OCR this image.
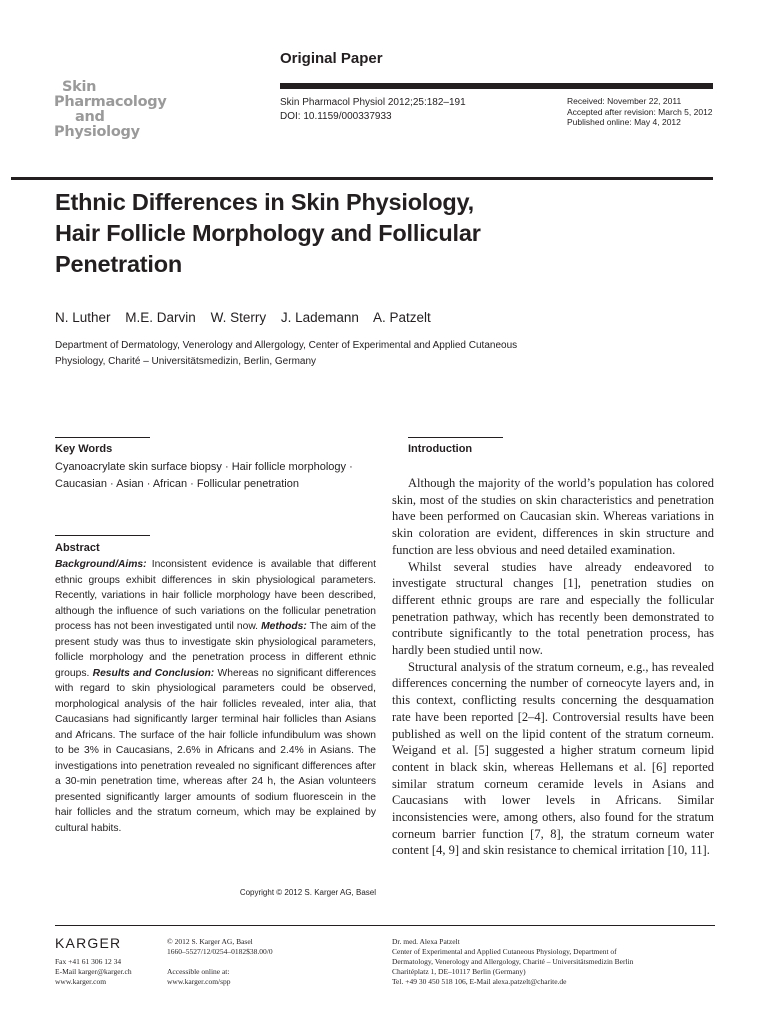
Skin
Pharmacology
and
Physiology
Original Paper
Skin Pharmacol Physiol 2012;25:182–191
DOI: 10.1159/000337933
Received: November 22, 2011
Accepted after revision: March 5, 2012
Published online: May 4, 2012
Ethnic Differences in Skin Physiology,
Hair Follicle Morphology and Follicular
Penetration
N. Luther M.E. Darvin W. Sterry J. Lademann A. Patzelt
Department of Dermatology, Venerology and Allergology, Center of Experimental and Applied Cutaneous
Physiology, Charité – Universitätsmedizin, Berlin, Germany
Key Words
Cyanoacrylate skin surface biopsy · Hair follicle morphology · Caucasian · Asian · African · Follicular penetration
Abstract
Background/Aims: Inconsistent evidence is available that different ethnic groups exhibit differences in skin physiological parameters. Recently, variations in hair follicle morphology have been described, although the influence of such variations on the follicular penetration process has not been investigated until now. Methods: The aim of the present study was thus to investigate skin physiological parameters, follicle morphology and the penetration process in different ethnic groups. Results and Conclusion: Whereas no significant differences with regard to skin physiological parameters could be observed, morphological analysis of the hair follicles revealed, inter alia, that Caucasians had significantly larger terminal hair follicles than Asians and Africans. The surface of the hair follicle infundibulum was shown to be 3% in Caucasians, 2.6% in Africans and 2.4% in Asians. The investigations into penetration revealed no significant differences after a 30-min penetration time, whereas after 24 h, the Asian volunteers presented significantly larger amounts of sodium fluorescein in the hair follicles and the stratum corneum, which may be explained by cultural habits.
Copyright © 2012 S. Karger AG, Basel
Introduction

Although the majority of the world’s population has colored skin, most of the studies on skin characteristics and penetration have been performed on Caucasian skin. Whereas variations in skin coloration are evident, differences in skin structure and function are less obvious and need detailed examination.

Whilst several studies have already endeavored to investigate structural changes [1], penetration studies on different ethnic groups are rare and especially the follicular penetration pathway, which has recently been demonstrated to contribute significantly to the total penetration process, has hardly been studied until now.

Structural analysis of the stratum corneum, e.g., has revealed differences concerning the number of corneocyte layers and, in this context, conflicting results concerning the desquamation rate have been reported [2–4]. Controversial results have been published as well on the lipid content of the stratum corneum. Weigand et al. [5] suggested a higher stratum corneum lipid content in black skin, whereas Hellemans et al. [6] reported similar stratum corneum ceramide levels in Asians and Caucasians with lower levels in Africans. Similar inconsistencies were, among others, also found for the stratum corneum barrier function [7, 8], the stratum corneum water content [4, 9] and skin resistance to chemical irritation [10, 11].

KARGER
Fax +41 61 306 12 34
E-Mail karger@karger.ch
www.karger.com
© 2012 S. Karger AG, Basel
1660–5527/12/0254–0182$38.00/0
Accessible online at:
www.karger.com/spp
Dr. med. Alexa Patzelt
Center of Experimental and Applied Cutaneous Physiology, Department of
Dermatology, Venerology and Allergology, Charité – Universitätsmedizin Berlin
Charitéplatz 1, DE–10117 Berlin (Germany)
Tel. +49 30 450 518 106, E-Mail alexa.patzelt@charite.de
